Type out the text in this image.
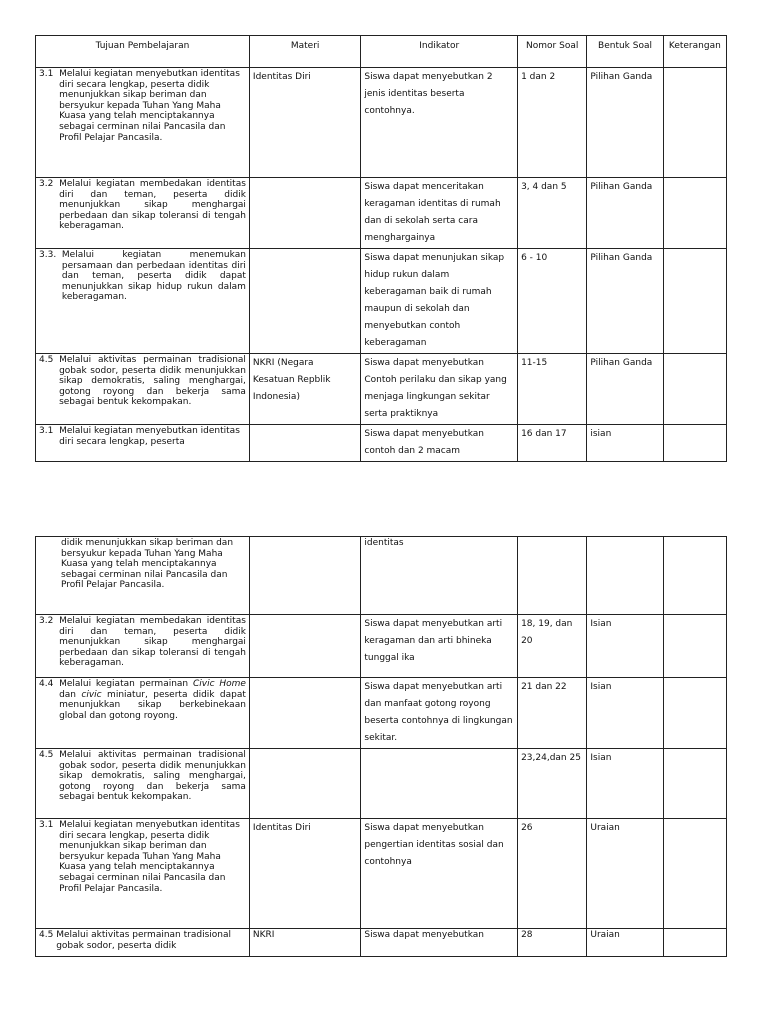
Tujuan Pembelajaran	Materi	Indikator	Nomor Soal	Bentuk Soal	Keterangan

3.1
Melalui kegiatan menyebutkan identitas diri secara lengkap, peserta didik menunjukkan sikap beriman dan bersyukur kepada Tuhan Yang Maha Kuasa yang telah menciptakannya sebagai cerminan nilai Pancasila dan Profil Pelajar Pancasila.	Identitas Diri	Siswa dapat menyebutkan 2 jenis identitas beserta contohnya.	1 dan 2	Pilihan Ganda	

3.2
Melalui kegiatan membedakan identitas diri dan teman, peserta didik menunjukkan sikap menghargai perbedaan dan sikap toleransi di tengah keberagaman.		Siswa dapat menceritakan keragaman identitas di rumah dan di sekolah serta cara menghargainya	3, 4 dan 5	Pilihan Ganda	

3.3.
Melalui kegiatan menemukan persamaan dan perbedaan identitas diri dan teman, peserta didik dapat menunjukkan sikap hidup rukun dalam keberagaman.		Siswa dapat menunjukan sikap hidup rukun dalam keberagaman baik di rumah maupun di sekolah dan menyebutkan contoh keberagaman	6 - 10	Pilihan Ganda	

4.5
Melalui aktivitas permainan tradisional gobak sodor, peserta didik menunjukkan sikap demokratis, saling menghargai, gotong royong dan bekerja sama sebagai bentuk kekompakan.	NKRI (Negara Kesatuan Repblik Indonesia)	Siswa dapat menyebutkan Contoh perilaku dan sikap yang menjaga lingkungan sekitar serta praktiknya	11-15	Pilihan Ganda	

3.1
Melalui kegiatan menyebutkan identitas diri secara lengkap, peserta		Siswa dapat menyebutkan contoh dan 2 macam	16 dan 17	isian	
didik menunjukkan sikap beriman dan bersyukur kepada Tuhan Yang Maha Kuasa yang telah menciptakannya sebagai cerminan nilai Pancasila dan Profil Pelajar Pancasila.		identitas			

3.2
Melalui kegiatan membedakan identitas diri dan teman, peserta didik menunjukkan sikap menghargai perbedaan dan sikap toleransi di tengah keberagaman.		Siswa dapat menyebutkan arti keragaman dan arti bhineka tunggal ika	18, 19, dan 20	Isian	

4.4
Melalui kegiatan permainan Civic Home dan civic miniatur, peserta didik dapat menunjukkan sikap berkebinekaan global dan gotong royong.		Siswa dapat menyebutkan arti dan manfaat gotong royong beserta contohnya di lingkungan sekitar.	21 dan 22	Isian	

4.5
Melalui aktivitas permainan tradisional gobak sodor, peserta didik menunjukkan sikap demokratis, saling menghargai, gotong royong dan bekerja sama sebagai bentuk kekompakan.			23,24,dan 25	Isian	

3.1
Melalui kegiatan menyebutkan identitas diri secara lengkap, peserta didik menunjukkan sikap beriman dan bersyukur kepada Tuhan Yang Maha Kuasa yang telah menciptakannya sebagai cerminan nilai Pancasila dan Profil Pelajar Pancasila.	Identitas Diri	Siswa dapat menyebutkan pengertian identitas sosial dan contohnya	26	Uraian	

4.5
Melalui aktivitas permainan tradisional gobak sodor, peserta didik	NKRI	Siswa dapat menyebutkan	28	Uraian	
